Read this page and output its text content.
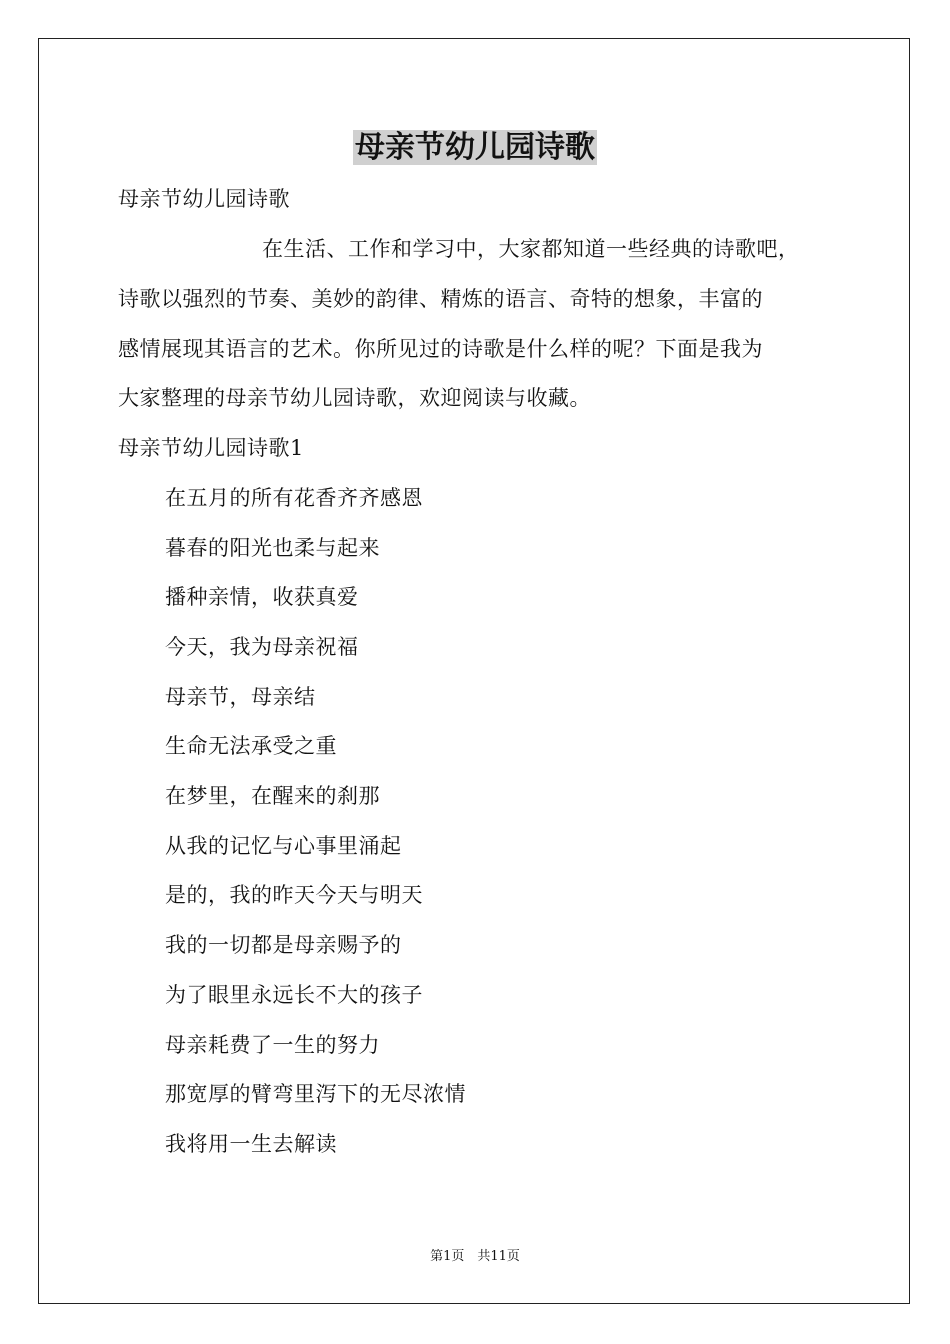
母亲节幼儿园诗歌
母亲节幼儿园诗歌
在生活、工作和学习中，大家都知道一些经典的诗歌吧，
诗歌以强烈的节奏、美妙的韵律、精炼的语言、奇特的想象，丰富的
感情展现其语言的艺术。你所见过的诗歌是什么样的呢？下面是我为
大家整理的母亲节幼儿园诗歌，欢迎阅读与收藏。
母亲节幼儿园诗歌1
在五月的所有花香齐齐感恩
暮春的阳光也柔与起来
播种亲情，收获真爱
今天，我为母亲祝福
母亲节，母亲结
生命无法承受之重
在梦里，在醒来的刹那
从我的记忆与心事里涌起
是的，我的昨天今天与明天
我的一切都是母亲赐予的
为了眼里永远长不大的孩子
母亲耗费了一生的努力
那宽厚的臂弯里泻下的无尽浓情
我将用一生去解读
第1页　共11页
